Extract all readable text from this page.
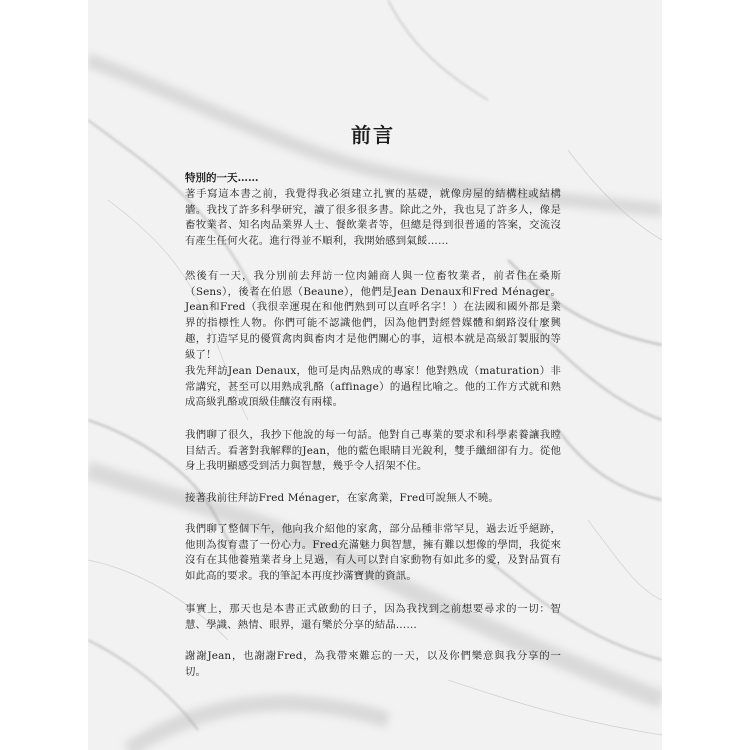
前言
特別的一天……
著手寫這本書之前，我覺得我必須建立扎實的基礎，就像房屋的結構柱或結構牆。我找了許多科學研究，讀了很多很多書。除此之外，我也見了許多人，像是畜牧業者、知名肉品業界人士、餐飲業者等，但總是得到很普通的答案，交流沒有產生任何火花。進行得並不順利，我開始感到氣餒……
然後有一天，我分別前去拜訪一位肉鋪商人與一位畜牧業者，前者住在桑斯（Sens），後者在伯恩（Beaune），他們是Jean Denaux和Fred Ménager。Jean和Fred（我很幸運現在和他們熟到可以直呼名字！）在法國和國外都是業界的指標性人物。你們可能不認識他們，因為他們對經營媒體和網路沒什麼興趣，打造罕見的優質禽肉與畜肉才是他們關心的事，這根本就是高級訂製服的等級了！
我先拜訪Jean Denaux，他可是肉品熟成的專家！他對熟成（maturation）非常講究，甚至可以用熟成乳酪（affinage）的過程比喻之。他的工作方式就和熟成高級乳酪或頂級佳釀沒有兩樣。
我們聊了很久，我抄下他說的每一句話。他對自己專業的要求和科學素養讓我瞠目結舌。看著對我解釋的Jean，他的藍色眼睛目光銳利，雙手纖細卻有力。從他身上我明顯感受到活力與智慧，幾乎令人招架不住。
接著我前往拜訪Fred Ménager，在家禽業，Fred可說無人不曉。
我們聊了整個下午，他向我介紹他的家禽，部分品種非常罕見，過去近乎絕跡，他則為復育盡了一份心力。Fred充滿魅力與智慧，擁有難以想像的學問，我從來沒有在其他養殖業者身上見過，有人可以對自家動物有如此多的愛，及對品質有如此高的要求。我的筆記本再度抄滿寶貴的資訊。
事實上，那天也是本書正式啟動的日子，因為我找到之前想要尋求的一切：智慧、學識、熱情、眼界，還有樂於分享的結晶……
謝謝Jean，也謝謝Fred，為我帶來難忘的一天，以及你們樂意與我分享的一切。
